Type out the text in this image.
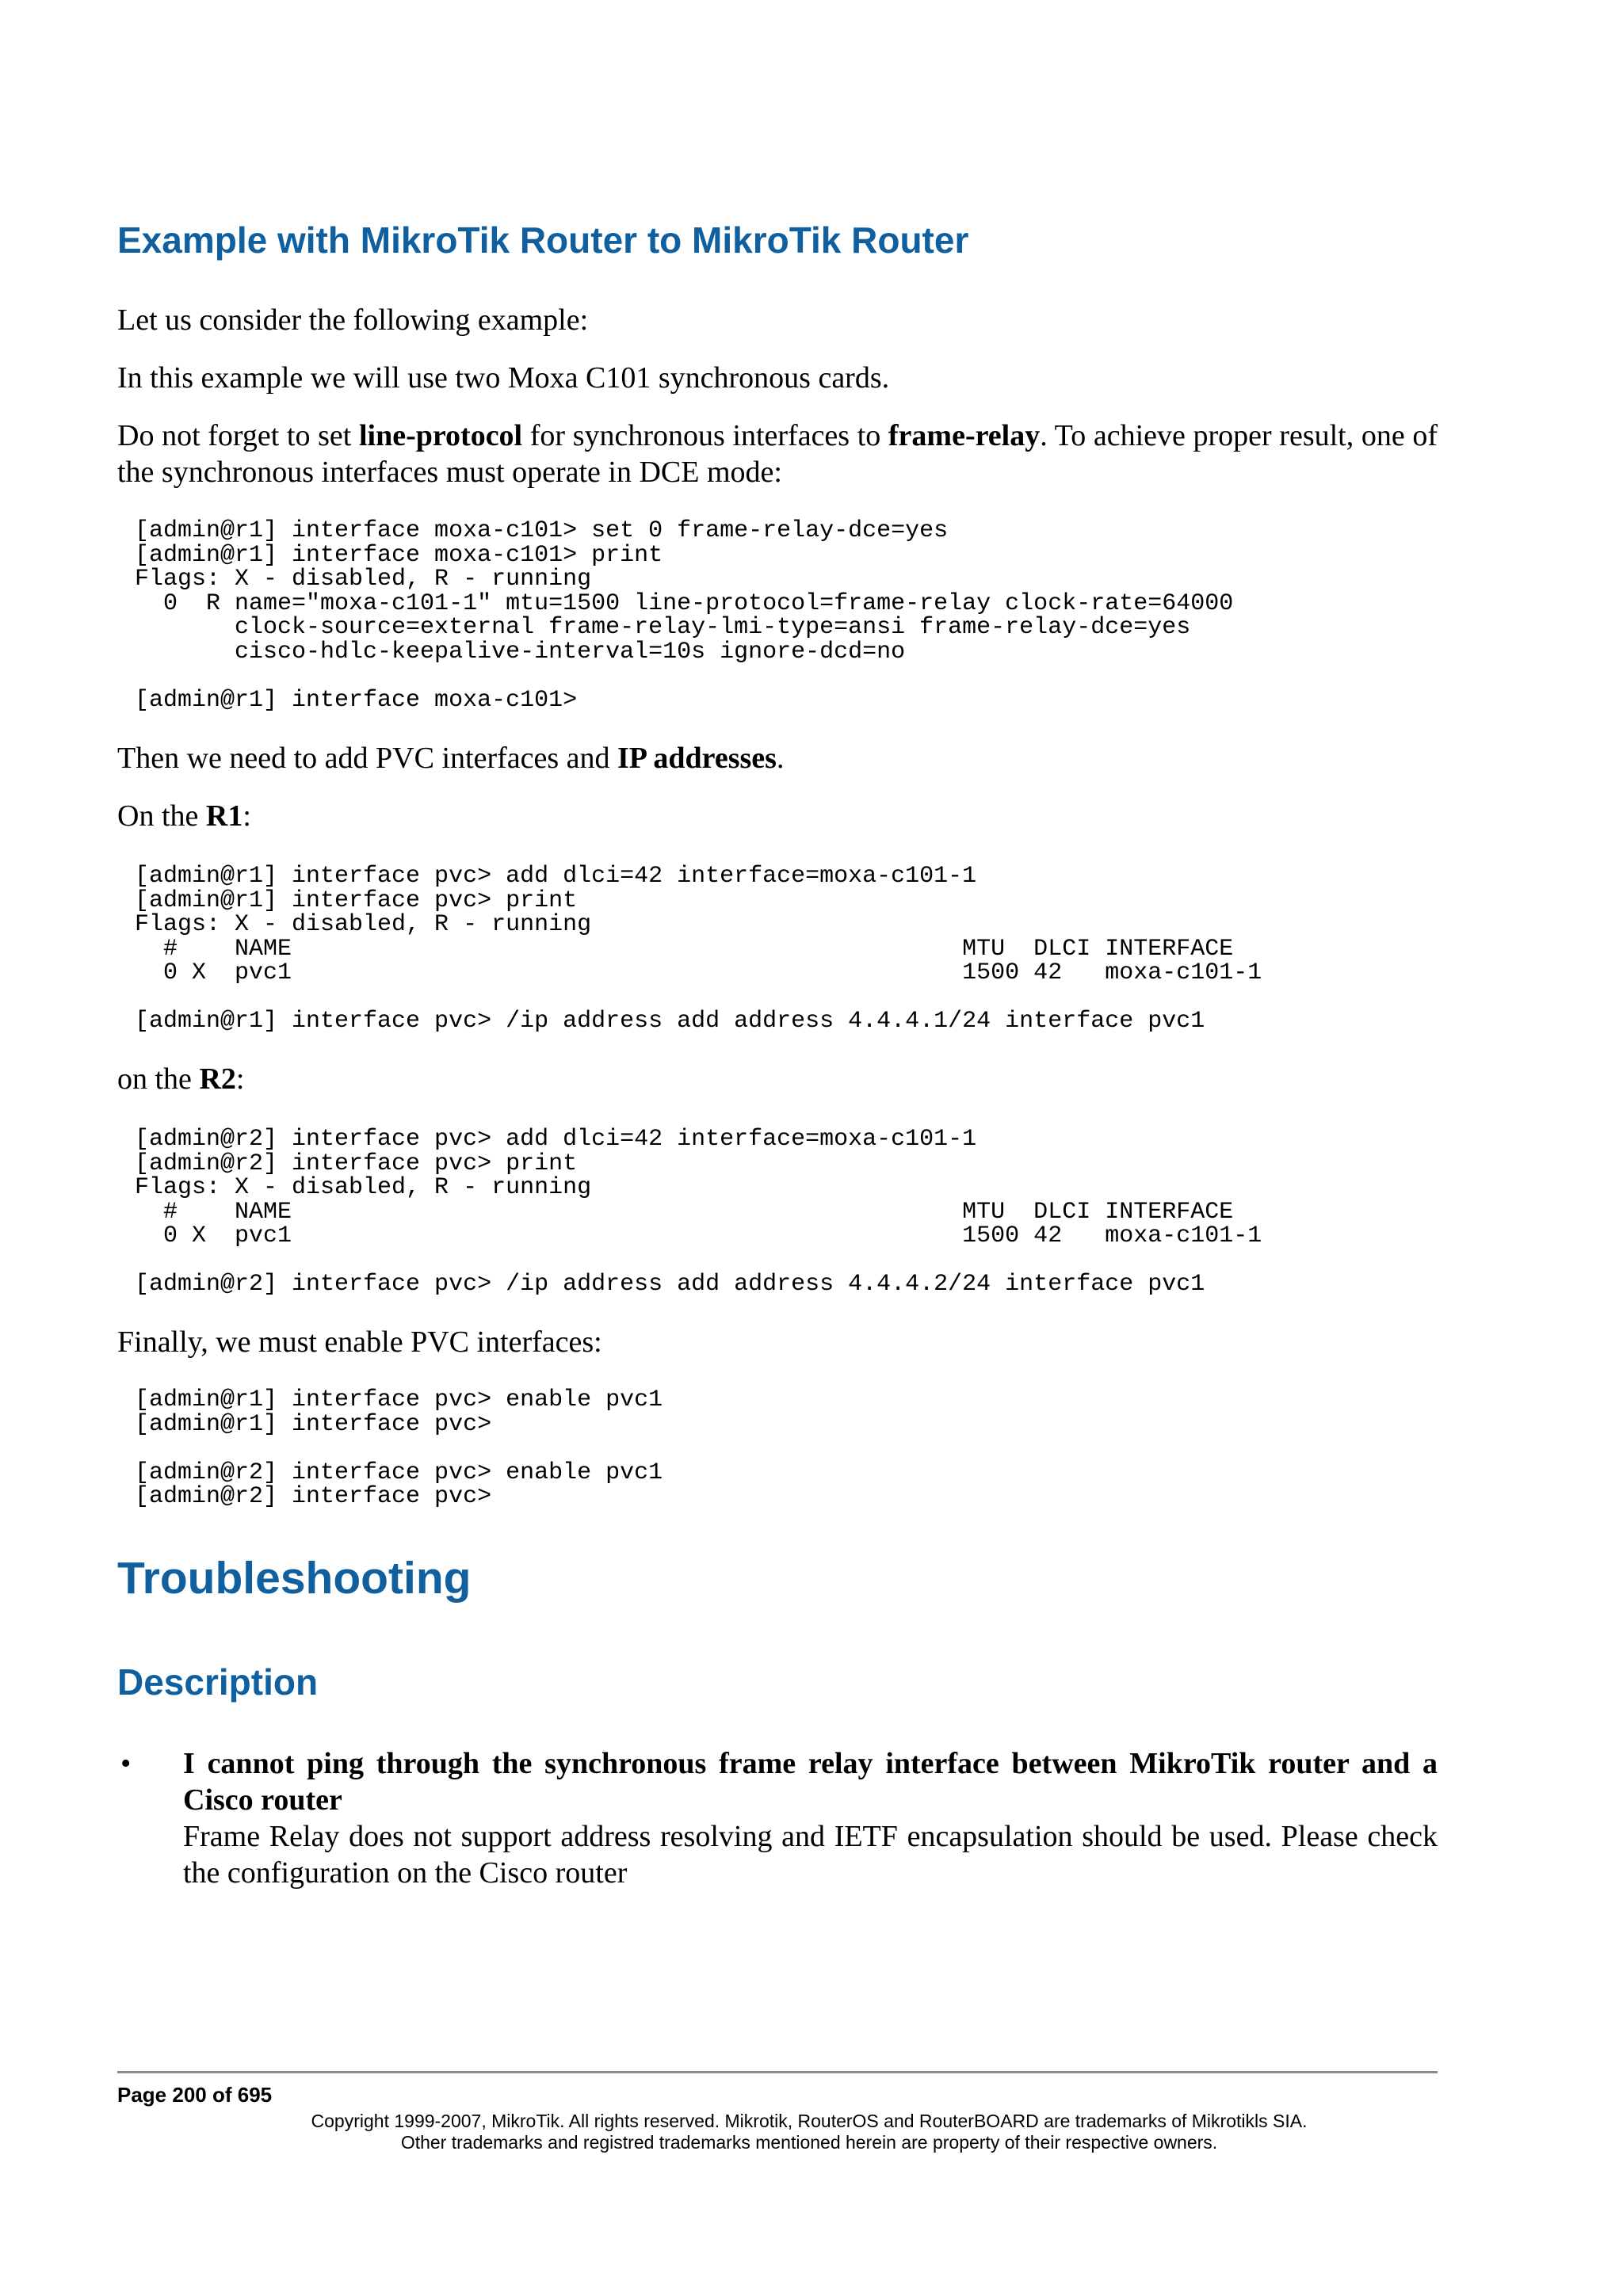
Example with MikroTik Router to MikroTik Router

Let us consider the following example:

In this example we will use two Moxa C101 synchronous cards.

Do not forget to set line-protocol for synchronous interfaces to frame-relay. To achieve proper result, one of the synchronous interfaces must operate in DCE mode:

[admin@r1] interface moxa-c101> set 0 frame-relay-dce=yes
[admin@r1] interface moxa-c101> print
Flags: X - disabled, R - running
0  R name="moxa-c101-1" mtu=1500 line-protocol=frame-relay clock-rate=64000
clock-source=external frame-relay-lmi-type=ansi frame-relay-dce=yes
cisco-hdlc-keepalive-interval=10s ignore-dcd=no

[admin@r1] interface moxa-c101>

Then we need to add PVC interfaces and IP addresses.

On the R1:

[admin@r1] interface pvc> add dlci=42 interface=moxa-c101-1
[admin@r1] interface pvc> print
Flags: X - disabled, R - running
#    NAME                                               MTU  DLCI INTERFACE
0 X  pvc1                                               1500 42   moxa-c101-1

[admin@r1] interface pvc> /ip address add address 4.4.4.1/24 interface pvc1

on the R2:

[admin@r2] interface pvc> add dlci=42 interface=moxa-c101-1
[admin@r2] interface pvc> print
Flags: X - disabled, R - running
#    NAME                                               MTU  DLCI INTERFACE
0 X  pvc1                                               1500 42   moxa-c101-1

[admin@r2] interface pvc> /ip address add address 4.4.4.2/24 interface pvc1

Finally, we must enable PVC interfaces:

[admin@r1] interface pvc> enable pvc1
[admin@r1] interface pvc>

[admin@r2] interface pvc> enable pvc1
[admin@r2] interface pvc>
Troubleshooting
Description
• I cannot ping through the synchronous frame relay interface between MikroTik router and a Cisco router
Frame Relay does not support address resolving and IETF encapsulation should be used. Please check the configuration on the Cisco router
Page 200 of 695
Copyright 1999-2007, MikroTik. All rights reserved. Mikrotik, RouterOS and RouterBOARD are trademarks of Mikrotikls SIA.
Other trademarks and registred trademarks mentioned herein are property of their respective owners.
